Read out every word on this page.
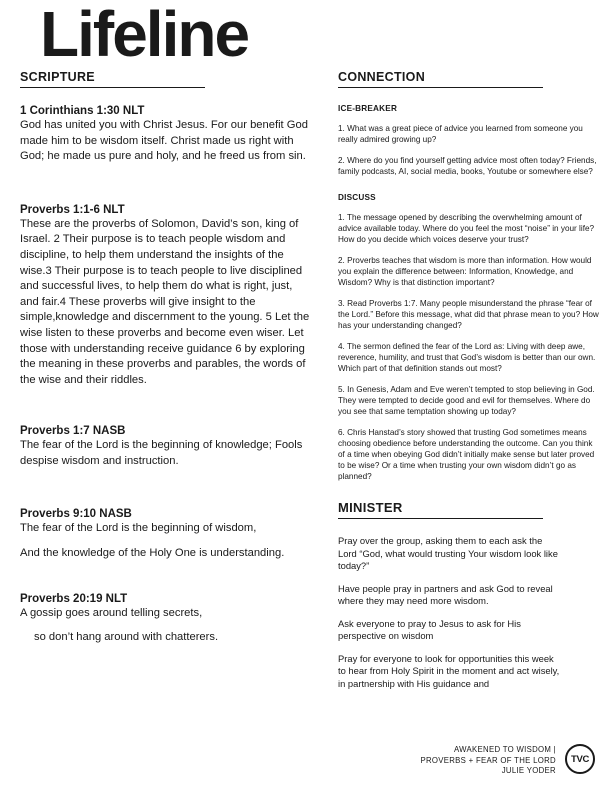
Lifeline
SCRIPTURE
1 Corinthians 1:30 NLT
God has united you with Christ Jesus. For our benefit God made him to be wisdom itself. Christ made us right with God; he made us pure and holy, and he freed us from sin.
Proverbs 1:1-6 NLT
These are the proverbs of Solomon, David’s son, king of Israel. 2 Their purpose is to teach people wisdom and discipline, to help them understand the insights of the wise.3 Their purpose is to teach people to live disciplined and successful lives, to help them do what is right, just, and fair.4 These proverbs will give insight to the simple,knowledge and discernment to the young. 5 Let the wise listen to these proverbs and become even wiser. Let those with understanding receive guidance 6 by exploring the meaning in these proverbs and parables, the words of the wise and their riddles.
Proverbs 1:7 NASB
The fear of the Lord is the beginning of knowledge; Fools despise wisdom and instruction.
Proverbs 9:10 NASB
The fear of the Lord is the beginning of wisdom,
And the knowledge of the Holy One is understanding.
Proverbs 20:19 NLT
A gossip goes around telling secrets,
so don’t hang around with chatterers.
CONNECTION
ICE-BREAKER
1. What was a great piece of advice you learned from someone you really admired growing up?
2. Where do you find yourself getting advice most often today? Friends, family podcasts, AI, social media, books, Youtube or somewhere else?
DISCUSS
1. The message opened by describing the overwhelming amount of advice available today. Where do you feel the most “noise” in your life? How do you decide which voices deserve your trust?
2. Proverbs teaches that wisdom is more than information. How would you explain the difference between: Information, Knowledge, and Wisdom? Why is that distinction important?
3. Read Proverbs 1:7. Many people misunderstand the phrase “fear of the Lord.” Before this message, what did that phrase mean to you? How has your understanding changed?
4. The sermon defined the fear of the Lord as: Living with deep awe, reverence, humility, and trust that God’s wisdom is better than our own. Which part of that definition stands out most?
5. In Genesis, Adam and Eve weren’t tempted to stop believing in God. They were tempted to decide good and evil for themselves. Where do you see that same temptation showing up today?
6. Chris Hanstad’s story showed that trusting God sometimes means choosing obedience before understanding the outcome. Can you think of a time when obeying God didn’t initially make sense but later proved to be wise? Or a time when trusting your own wisdom didn’t go as planned?
MINISTER
Pray over the group, asking them to each ask the Lord “God, what would trusting Your wisdom look like today?”
Have people pray in partners and ask God to reveal where they may need more wisdom.
Ask everyone to pray to Jesus to ask for His perspective on wisdom
Pray for everyone to look for opportunities this week to hear from Holy Spirit in the moment and act wisely, in partnership with His guidance and
AWAKENED TO WISDOM |
PROVERBS + FEAR OF THE LORD
JULIE YODER
TVC
